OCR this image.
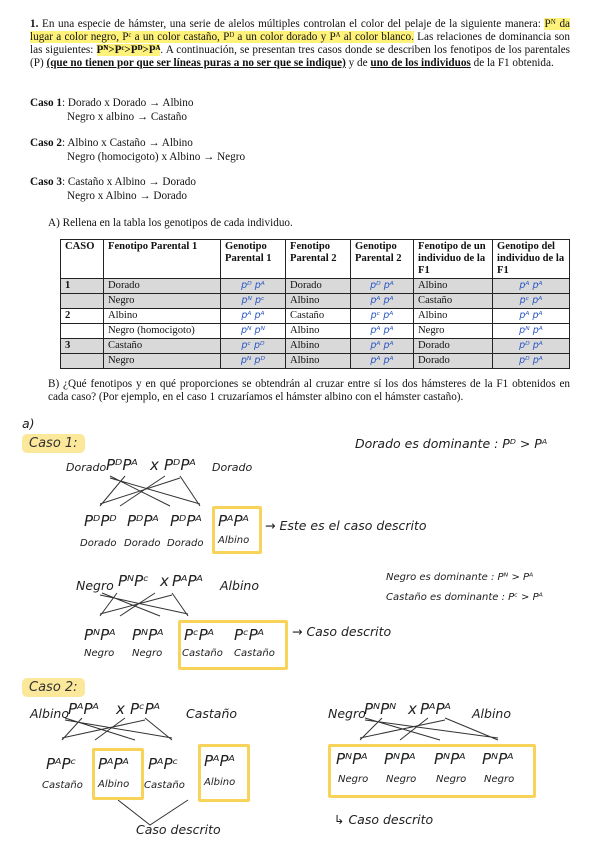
1. En una especie de hámster, una serie de alelos múltiples controlan el color del pelaje de la siguiente manera: Pᴺ da lugar a color negro, Pᶜ a un color castaño, Pᴰ a un color dorado y Pᴬ al color blanco. Las relaciones de dominancia son las siguientes: Pᴺ>Pᶜ>Pᴰ>Pᴬ. A continuación, se presentan tres casos donde se describen los fenotipos de los parentales (P) (que no tienen por que ser líneas puras a no ser que se indique) y de uno de los individuos de la F1 obtenida.

Caso 1: Dorado x Dorado → Albino
Negro x albino → Castaño
Caso 2: Albino x Castaño → Albino
Negro (homocigoto) x Albino → Negro
Caso 3: Castaño x Albino → Dorado
Negro x Albino → Dorado
A) Rellena en la tabla los genotipos de cada individuo.
CASO	Fenotipo Parental 1	Genotipo Parental 1	Fenotipo Parental 2	Genotipo Parental 2	Fenotipo de un individuo de la F1	Genotipo del individuo de la F1
1	Dorado	pᴰ pᴬ	Dorado	pᴰ pᴬ	Albino	pᴬ pᴬ
	Negro	pᴺ pᶜ	Albino	pᴬ pᴬ	Castaño	pᶜ pᴬ
2	Albino	pᴬ pᴬ	Castaño	pᶜ pᴬ	Albino	pᴬ pᴬ
	Negro (homocigoto)	pᴺ pᴺ	Albino	pᴬ pᴬ	Negro	pᴺ pᴬ
3	Castaño	pᶜ pᴰ	Albino	pᴬ pᴬ	Dorado	pᴰ pᴬ
	Negro	pᴺ pᴰ	Albino	pᴬ pᴬ	Dorado	pᴰ pᴬ

B) ¿Qué fenotipos y en qué proporciones se obtendrán al cruzar entre sí los dos hámsteres de la F1 obtenidos en cada caso? (Por ejemplo, en el caso 1 cruzaríamos el hámster albino con el hámster castaño).

a)
Caso 1:	Dorado es dominante : Pᴰ > Pᴬ
Dorado PᴰPᴬ x PᴰPᴬ Dorado
PᴰPᴰ
Dorado
PᴰPᴬ
Dorado
PᴰPᴬ
Dorado
PᴬPᴬ
Albino
→ Este es el caso descrito
Negro PᴺPᶜ x PᴬPᴬ Albino
Negro es dominante : Pᴺ > Pᴬ
Castaño es dominante : Pᶜ > Pᴬ
PᴺPᴬ
Negro
PᴺPᴬ
Negro
PᶜPᴬ
Castaño
PᶜPᴬ
Castaño
→ Caso descrito
Caso 2:
Albino
PᴬPᴬ x PᶜPᴬ Castaño
PᴬPᶜ
Castaño
PᴬPᴬ
Albino
PᴬPᶜ
Castaño
PᴬPᴬ
Albino
Caso descrito
Negro
PᴺPᴺ x PᴬPᴬ Albino
PᴺPᴬ
Negro
PᴺPᴬ
Negro
PᴺPᴬ
Negro
PᴺPᴬ
Negro
↳ Caso descrito
